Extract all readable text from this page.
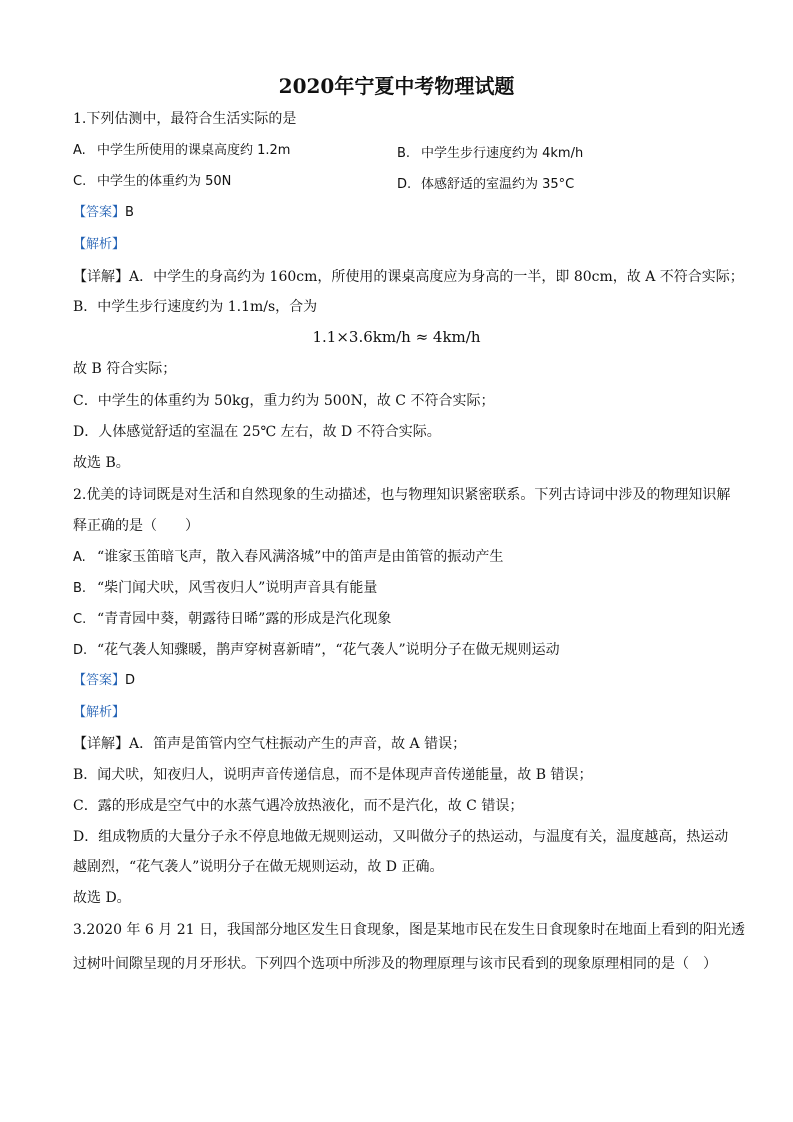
2020年宁夏中考物理试题
1.下列估测中，最符合生活实际的是
A. 中学生所使用的课桌高度约 1.2m	B. 中学生步行速度约为 4km/h
C. 中学生的体重约为 50N	D. 体感舒适的室温约为 35°C
【答案】B
【解析】
【详解】A．中学生的身高约为 160cm，所使用的课桌高度应为身高的一半，即 80cm，故 A 不符合实际；
B．中学生步行速度约为 1.1m/s，合为
1.1×3.6km/h ≈ 4km/h
故 B 符合实际；
C．中学生的体重约为 50kg，重力约为 500N，故 C 不符合实际；
D．人体感觉舒适的室温在 25℃ 左右，故 D 不符合实际。
故选 B。
2.优美的诗词既是对生活和自然现象的生动描述，也与物理知识紧密联系。下列古诗词中涉及的物理知识解
释正确的是（　　）
A. “谁家玉笛暗飞声，散入春风满洛城”中的笛声是由笛管的振动产生
B. “柴门闻犬吠，风雪夜归人”说明声音具有能量
C. “青青园中葵，朝露待日晞”露的形成是汽化现象
D. “花气袭人知骤暖，鹊声穿树喜新晴”，“花气袭人”说明分子在做无规则运动
【答案】D
【解析】
【详解】A．笛声是笛管内空气柱振动产生的声音，故 A 错误；
B．闻犬吠，知夜归人，说明声音传递信息，而不是体现声音传递能量，故 B 错误；
C．露的形成是空气中的水蒸气遇冷放热液化，而不是汽化，故 C 错误；
D．组成物质的大量分子永不停息地做无规则运动，又叫做分子的热运动，与温度有关，温度越高，热运动
越剧烈，“花气袭人”说明分子在做无规则运动，故 D 正确。
故选 D。
3.2020 年 6 月 21 日，我国部分地区发生日食现象，图是某地市民在发生日食现象时在地面上看到的阳光透
过树叶间隙呈现的月牙形状。下列四个选项中所涉及的物理原理与该市民看到的现象原理相同的是（　）
